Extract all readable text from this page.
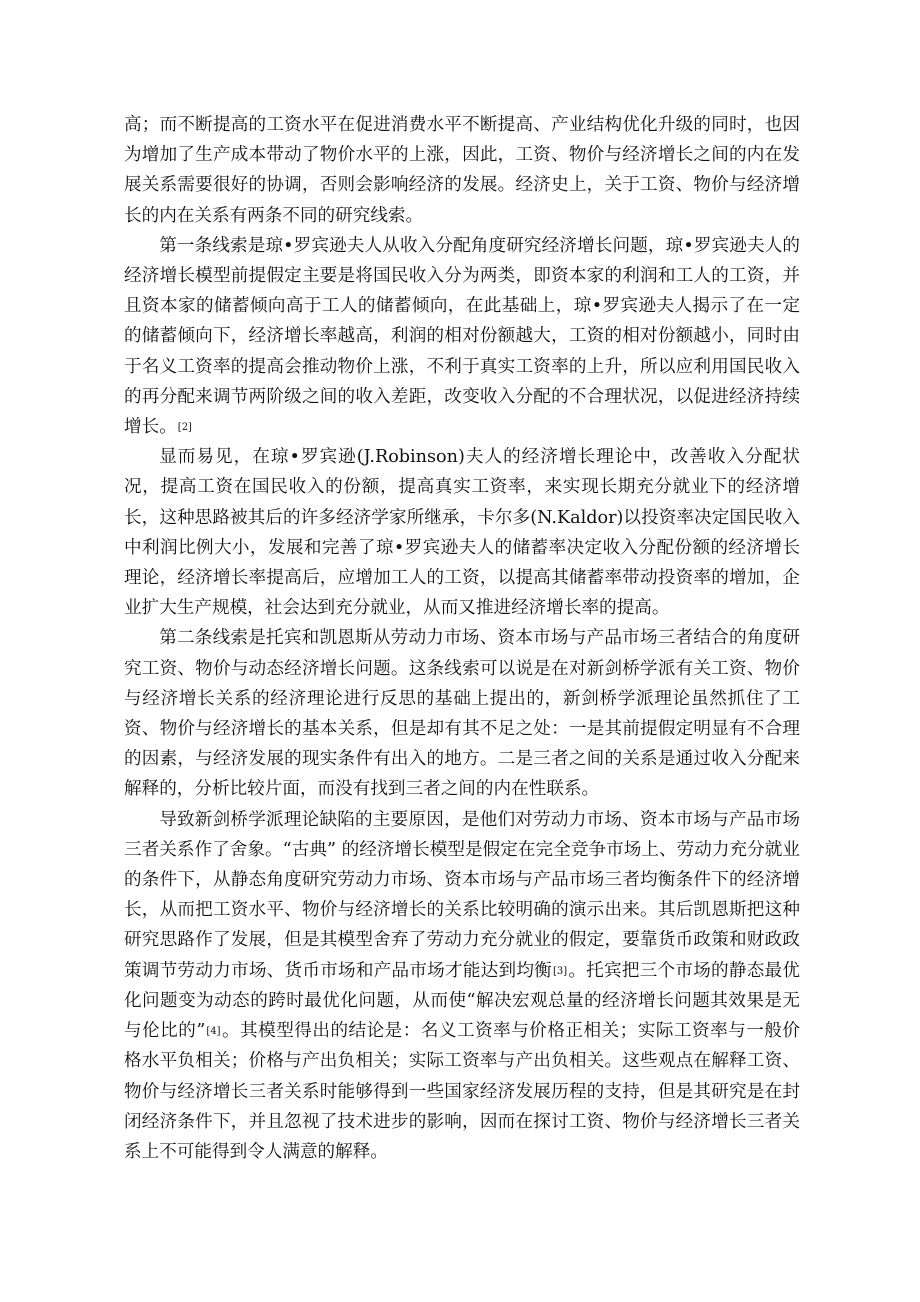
高；而不断提高的工资水平在促进消费水平不断提高、产业结构优化升级的同时，也因为增加了生产成本带动了物价水平的上涨，因此，工资、物价与经济增长之间的内在发展关系需要很好的协调，否则会影响经济的发展。经济史上，关于工资、物价与经济增长的内在关系有两条不同的研究线索。

第一条线索是琼•罗宾逊夫人从收入分配角度研究经济增长问题，琼•罗宾逊夫人的经济增长模型前提假定主要是将国民收入分为两类，即资本家的利润和工人的工资，并且资本家的储蓄倾向高于工人的储蓄倾向，在此基础上，琼•罗宾逊夫人揭示了在一定的储蓄倾向下，经济增长率越高，利润的相对份额越大，工资的相对份额越小，同时由于名义工资率的提高会推动物价上涨，不利于真实工资率的上升，所以应利用国民收入的再分配来调节两阶级之间的收入差距，改变收入分配的不合理状况，以促进经济持续增长。[2]

显而易见，在琼•罗宾逊(J.Robinson)夫人的经济增长理论中，改善收入分配状况，提高工资在国民收入的份额，提高真实工资率，来实现长期充分就业下的经济增长，这种思路被其后的许多经济学家所继承，卡尔多(N.Kaldor)以投资率决定国民收入中利润比例大小，发展和完善了琼•罗宾逊夫人的储蓄率决定收入分配份额的经济增长理论，经济增长率提高后，应增加工人的工资，以提高其储蓄率带动投资率的增加，企业扩大生产规模，社会达到充分就业，从而又推进经济增长率的提高。

第二条线索是托宾和凯恩斯从劳动力市场、资本市场与产品市场三者结合的角度研究工资、物价与动态经济增长问题。这条线索可以说是在对新剑桥学派有关工资、物价与经济增长关系的经济理论进行反思的基础上提出的，新剑桥学派理论虽然抓住了工资、物价与经济增长的基本关系，但是却有其不足之处：一是其前提假定明显有不合理的因素，与经济发展的现实条件有出入的地方。二是三者之间的关系是通过收入分配来解释的，分析比较片面，而没有找到三者之间的内在性联系。

导致新剑桥学派理论缺陷的主要原因，是他们对劳动力市场、资本市场与产品市场三者关系作了舍象。“古典” 的经济增长模型是假定在完全竞争市场上、劳动力充分就业的条件下，从静态角度研究劳动力市场、资本市场与产品市场三者均衡条件下的经济增长，从而把工资水平、物价与经济增长的关系比较明确的演示出来。其后凯恩斯把这种研究思路作了发展，但是其模型舍弃了劳动力充分就业的假定，要靠货币政策和财政政策调节劳动力市场、货币市场和产品市场才能达到均衡[3]。托宾把三个市场的静态最优化问题变为动态的跨时最优化问题，从而使“解决宏观总量的经济增长问题其效果是无与伦比的”[4]。其模型得出的结论是：名义工资率与价格正相关；实际工资率与一般价格水平负相关；价格与产出负相关；实际工资率与产出负相关。这些观点在解释工资、物价与经济增长三者关系时能够得到一些国家经济发展历程的支持，但是其研究是在封闭经济条件下，并且忽视了技术进步的影响，因而在探讨工资、物价与经济增长三者关系上不可能得到令人满意的解释。
